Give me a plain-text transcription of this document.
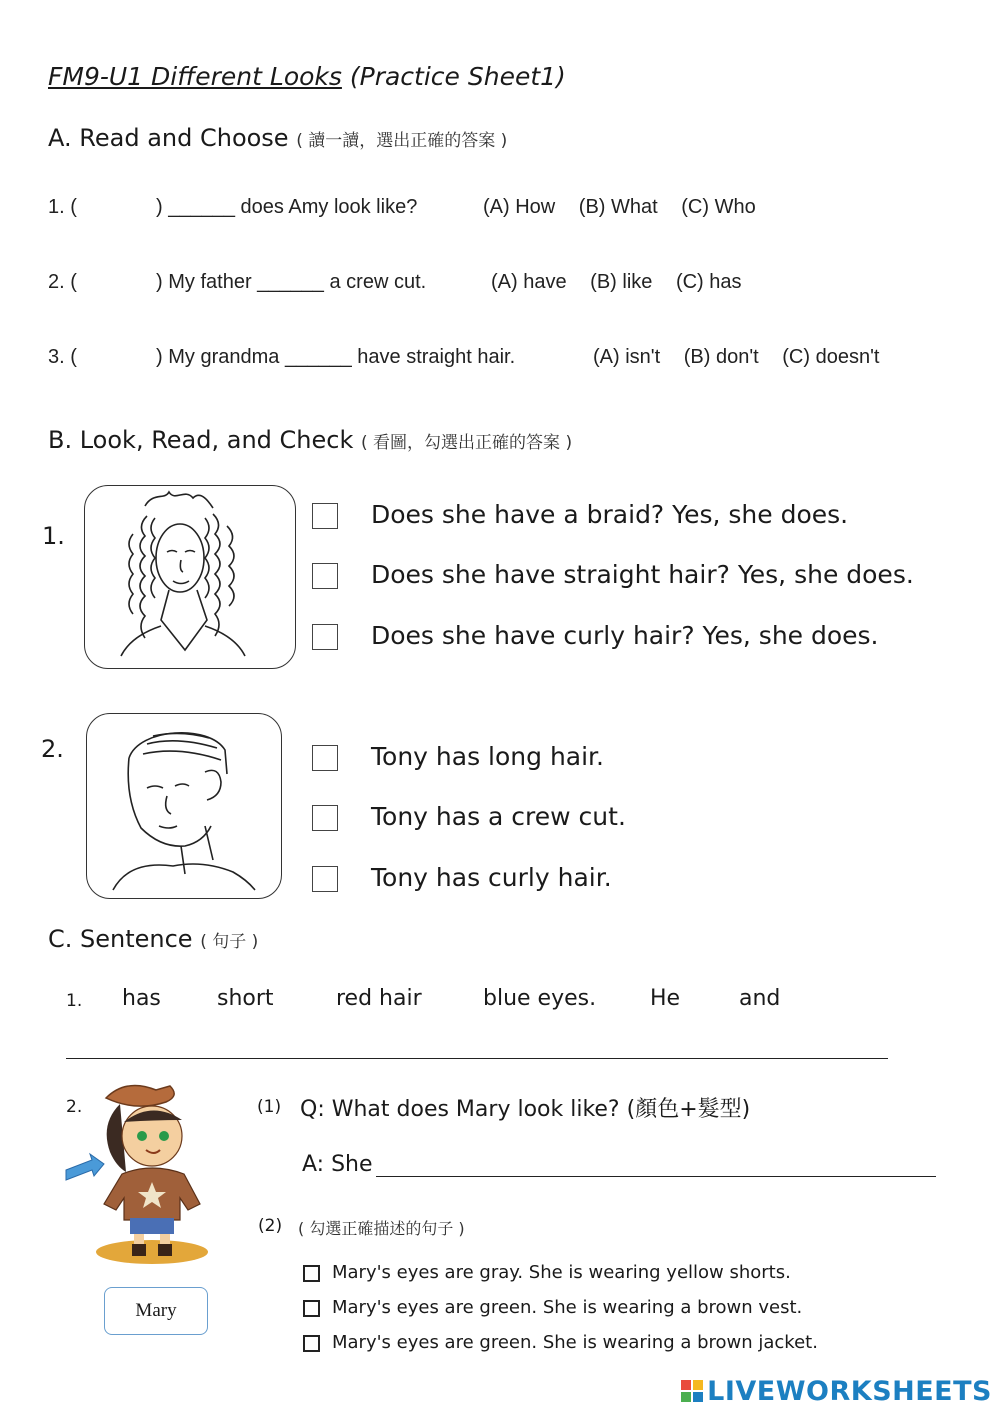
FM9-U1 Different Looks (Practice Sheet1)
A. Read and Choose ( 讀一讀，選出正確的答案 )
1. (	) ______ does Amy look like?	(A) How (B) What (C) Who
2. (	) My father ______ a crew cut.	(A) have (B) like (C) has
3. (	) My grandma ______ have straight hair.	(A) isn't (B) don't (C) doesn't
B. Look, Read, and Check ( 看圖，勾選出正確的答案 )
1.
Does she have a braid? Yes, she does.
Does she have straight hair? Yes, she does.
Does she have curly hair? Yes, she does.
2.	Tony has long hair.
Tony has a crew cut.
Tony has curly hair.
C. Sentence ( 句子 )
1. has	short	red hair	blue eyes. He	and
2.
Mary
(1) Q: What does Mary look like? (顏色+髮型)
A: She
(2) ( 勾選正確描述的句子 )
Mary's eyes are gray. She is wearing yellow shorts.
Mary's eyes are green. She is wearing a brown vest.
Mary's eyes are green. She is wearing a brown jacket.
LIVEWORKSHEETS
